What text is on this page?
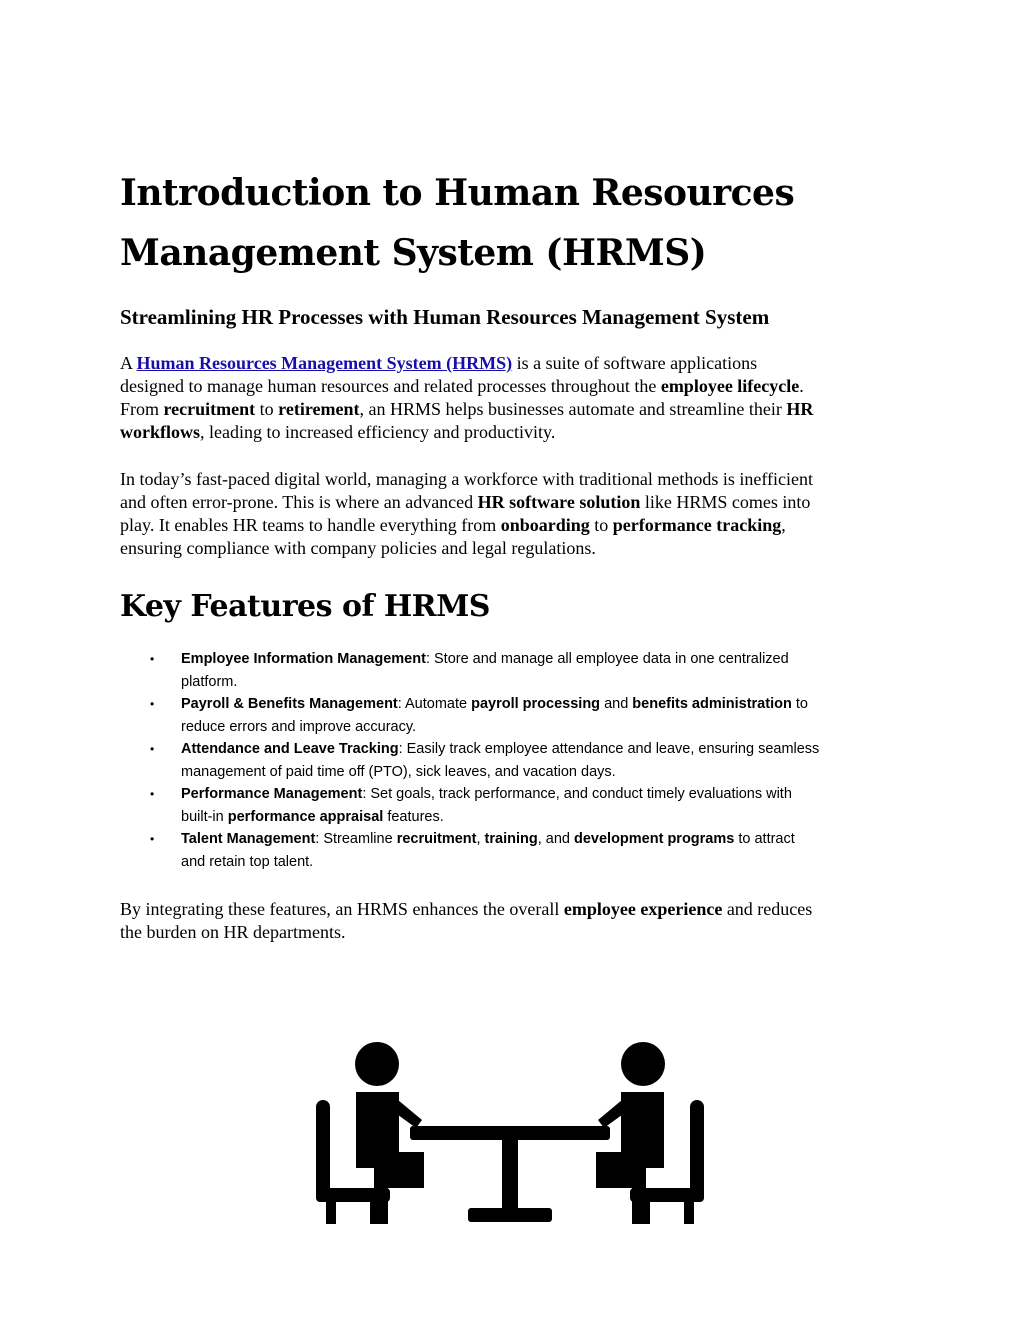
Introduction to Human Resources
Management System (HRMS)
Streamlining HR Processes with Human Resources Management System

A Human Resources Management System (HRMS) is a suite of software applications
designed to manage human resources and related processes throughout the employee lifecycle.
From recruitment to retirement, an HRMS helps businesses automate and streamline their HR
workflows, leading to increased efficiency and productivity.

In today’s fast-paced digital world, managing a workforce with traditional methods is inefficient
and often error-prone. This is where an advanced HR software solution like HRMS comes into
play. It enables HR teams to handle everything from onboarding to performance tracking,
ensuring compliance with company policies and legal regulations.

Key Features of HRMS
• Employee Information Management: Store and manage all employee data in one centralized
platform.
• Payroll & Benefits Management: Automate payroll processing and benefits administration to
reduce errors and improve accuracy.
• Attendance and Leave Tracking: Easily track employee attendance and leave, ensuring seamless
management of paid time off (PTO), sick leaves, and vacation days.
• Performance Management: Set goals, track performance, and conduct timely evaluations with
built-in performance appraisal features.
• Talent Management: Streamline recruitment, training, and development programs to attract
and retain top talent.

By integrating these features, an HRMS enhances the overall employee experience and reduces
the burden on HR departments.
